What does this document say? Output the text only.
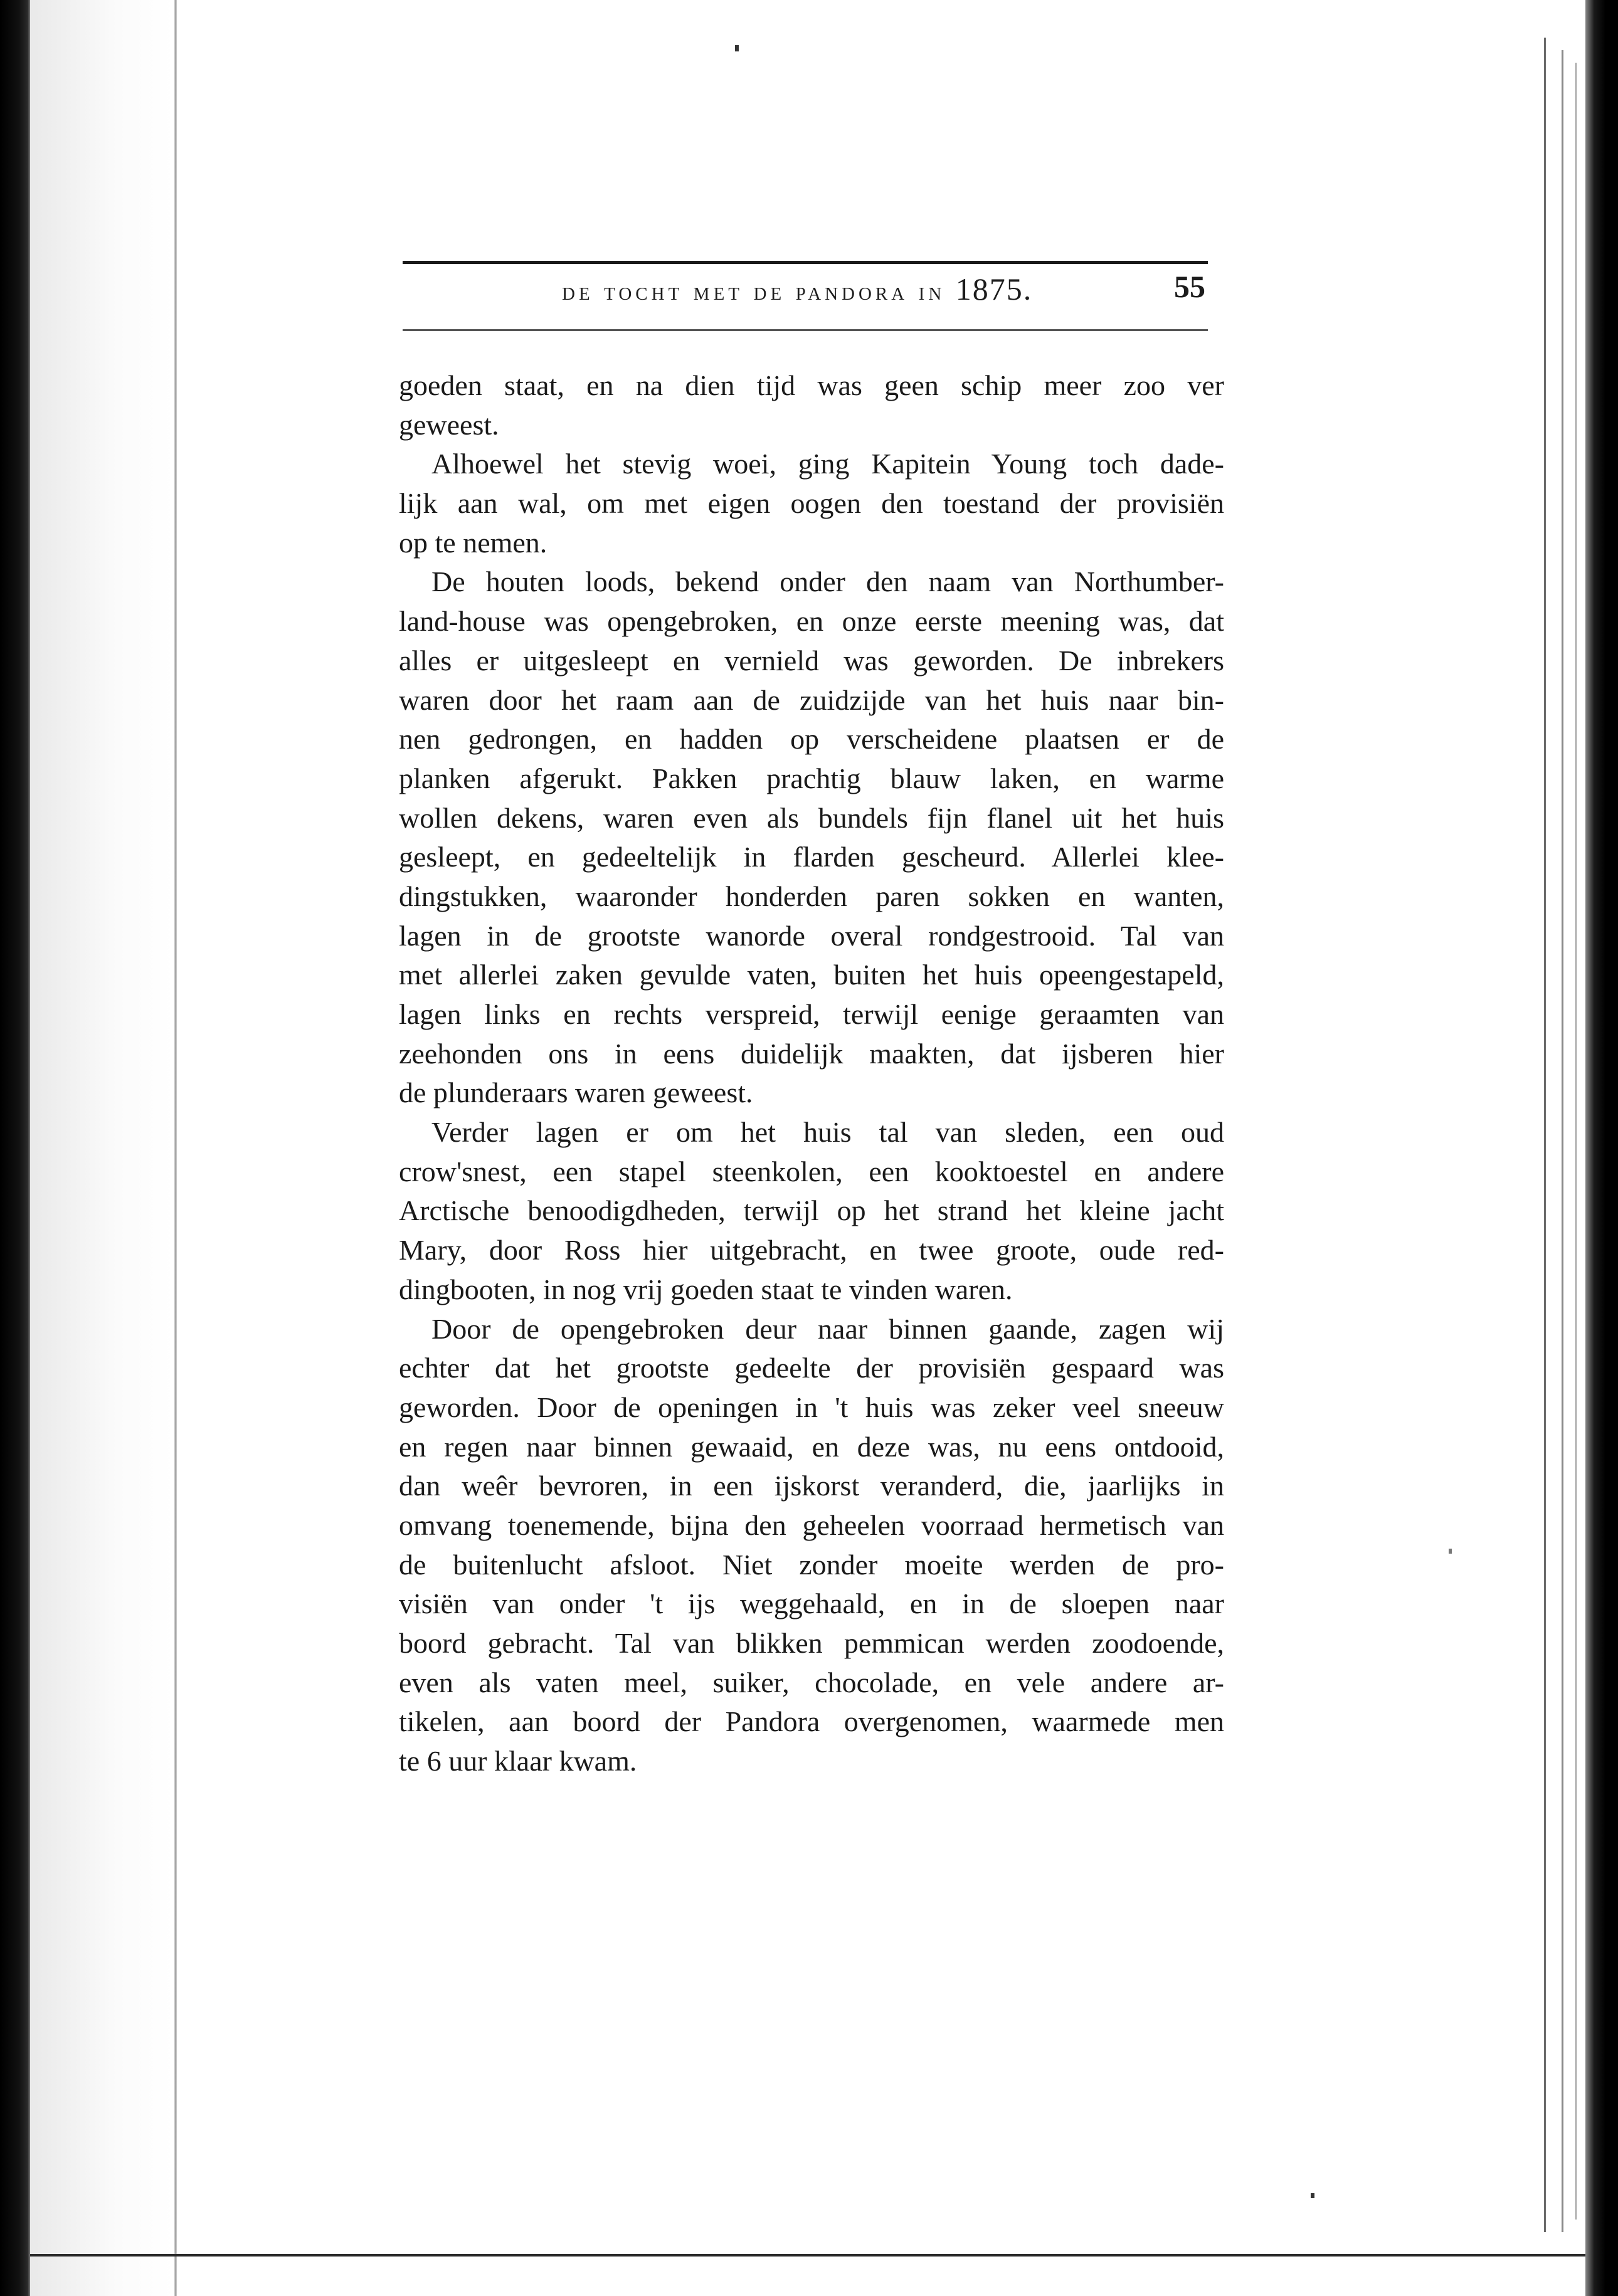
de tocht met de pandora in 1875.	55
goeden staat, en na dien tijd was geen schip meer zoo ver
geweest.
Alhoewel het stevig woei, ging Kapitein Young toch dade-
lijk aan wal, om met eigen oogen den toestand der provisiën
op te nemen.
De houten loods, bekend onder den naam van Northumber-
land-house was opengebroken, en onze eerste meening was, dat
alles er uitgesleept en vernield was geworden. De inbrekers
waren door het raam aan de zuidzijde van het huis naar bin-
nen gedrongen, en hadden op verscheidene plaatsen er de
planken afgerukt. Pakken prachtig blauw laken, en warme
wollen dekens, waren even als bundels fijn flanel uit het huis
gesleept, en gedeeltelijk in flarden gescheurd. Allerlei klee-
dingstukken, waaronder honderden paren sokken en wanten,
lagen in de grootste wanorde overal rondgestrooid. Tal van
met allerlei zaken gevulde vaten, buiten het huis opeengestapeld,
lagen links en rechts verspreid, terwijl eenige geraamten van
zeehonden ons in eens duidelijk maakten, dat ijsberen hier
de plunderaars waren geweest.
Verder lagen er om het huis tal van sleden, een oud
crow'snest, een stapel steenkolen, een kooktoestel en andere
Arctische benoodigdheden, terwijl op het strand het kleine jacht
Mary, door Ross hier uitgebracht, en twee groote, oude red-
dingbooten, in nog vrij goeden staat te vinden waren.
Door de opengebroken deur naar binnen gaande, zagen wij
echter dat het grootste gedeelte der provisiën gespaard was
geworden. Door de openingen in 't huis was zeker veel sneeuw
en regen naar binnen gewaaid, en deze was, nu eens ontdooid,
dan weêr bevroren, in een ijskorst veranderd, die, jaarlijks in
omvang toenemende, bijna den geheelen voorraad hermetisch van
de buitenlucht afsloot. Niet zonder moeite werden de pro-
visiën van onder 't ijs weggehaald, en in de sloepen naar
boord gebracht. Tal van blikken pemmican werden zoodoende,
even als vaten meel, suiker, chocolade, en vele andere ar-
tikelen, aan boord der Pandora overgenomen, waarmede men
te 6 uur klaar kwam.
